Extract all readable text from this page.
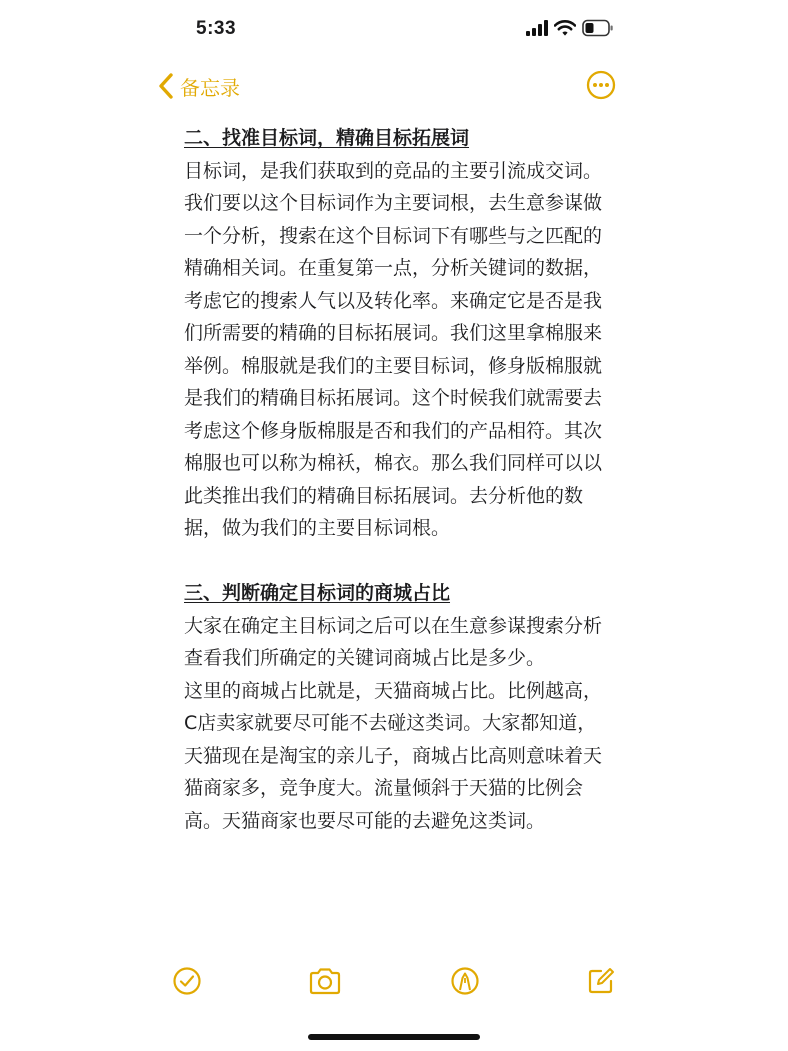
5:33
备忘录

二、找准目标词，精确目标拓展词

目标词，是我们获取到的竞品的主要引流成交词。我们要以这个目标词作为主要词根，去生意参谋做一个分析，搜索在这个目标词下有哪些与之匹配的精确相关词。在重复第一点，分析关键词的数据，考虑它的搜索人气以及转化率。来确定它是否是我们所需要的精确的目标拓展词。我们这里拿棉服来举例。棉服就是我们的主要目标词，修身版棉服就是我们的精确目标拓展词。这个时候我们就需要去考虑这个修身版棉服是否和我们的产品相符。其次棉服也可以称为棉袄，棉衣。那么我们同样可以以此类推出我们的精确目标拓展词。去分析他的数据，做为我们的主要目标词根。

三、判断确定目标词的商城占比

大家在确定主目标词之后可以在生意参谋搜索分析查看我们所确定的关键词商城占比是多少。

这里的商城占比就是，天猫商城占比。比例越高，C店卖家就要尽可能不去碰这类词。大家都知道，天猫现在是淘宝的亲儿子，商城占比高则意味着天猫商家多，竞争度大。流量倾斜于天猫的比例会高。天猫商家也要尽可能的去避免这类词。
